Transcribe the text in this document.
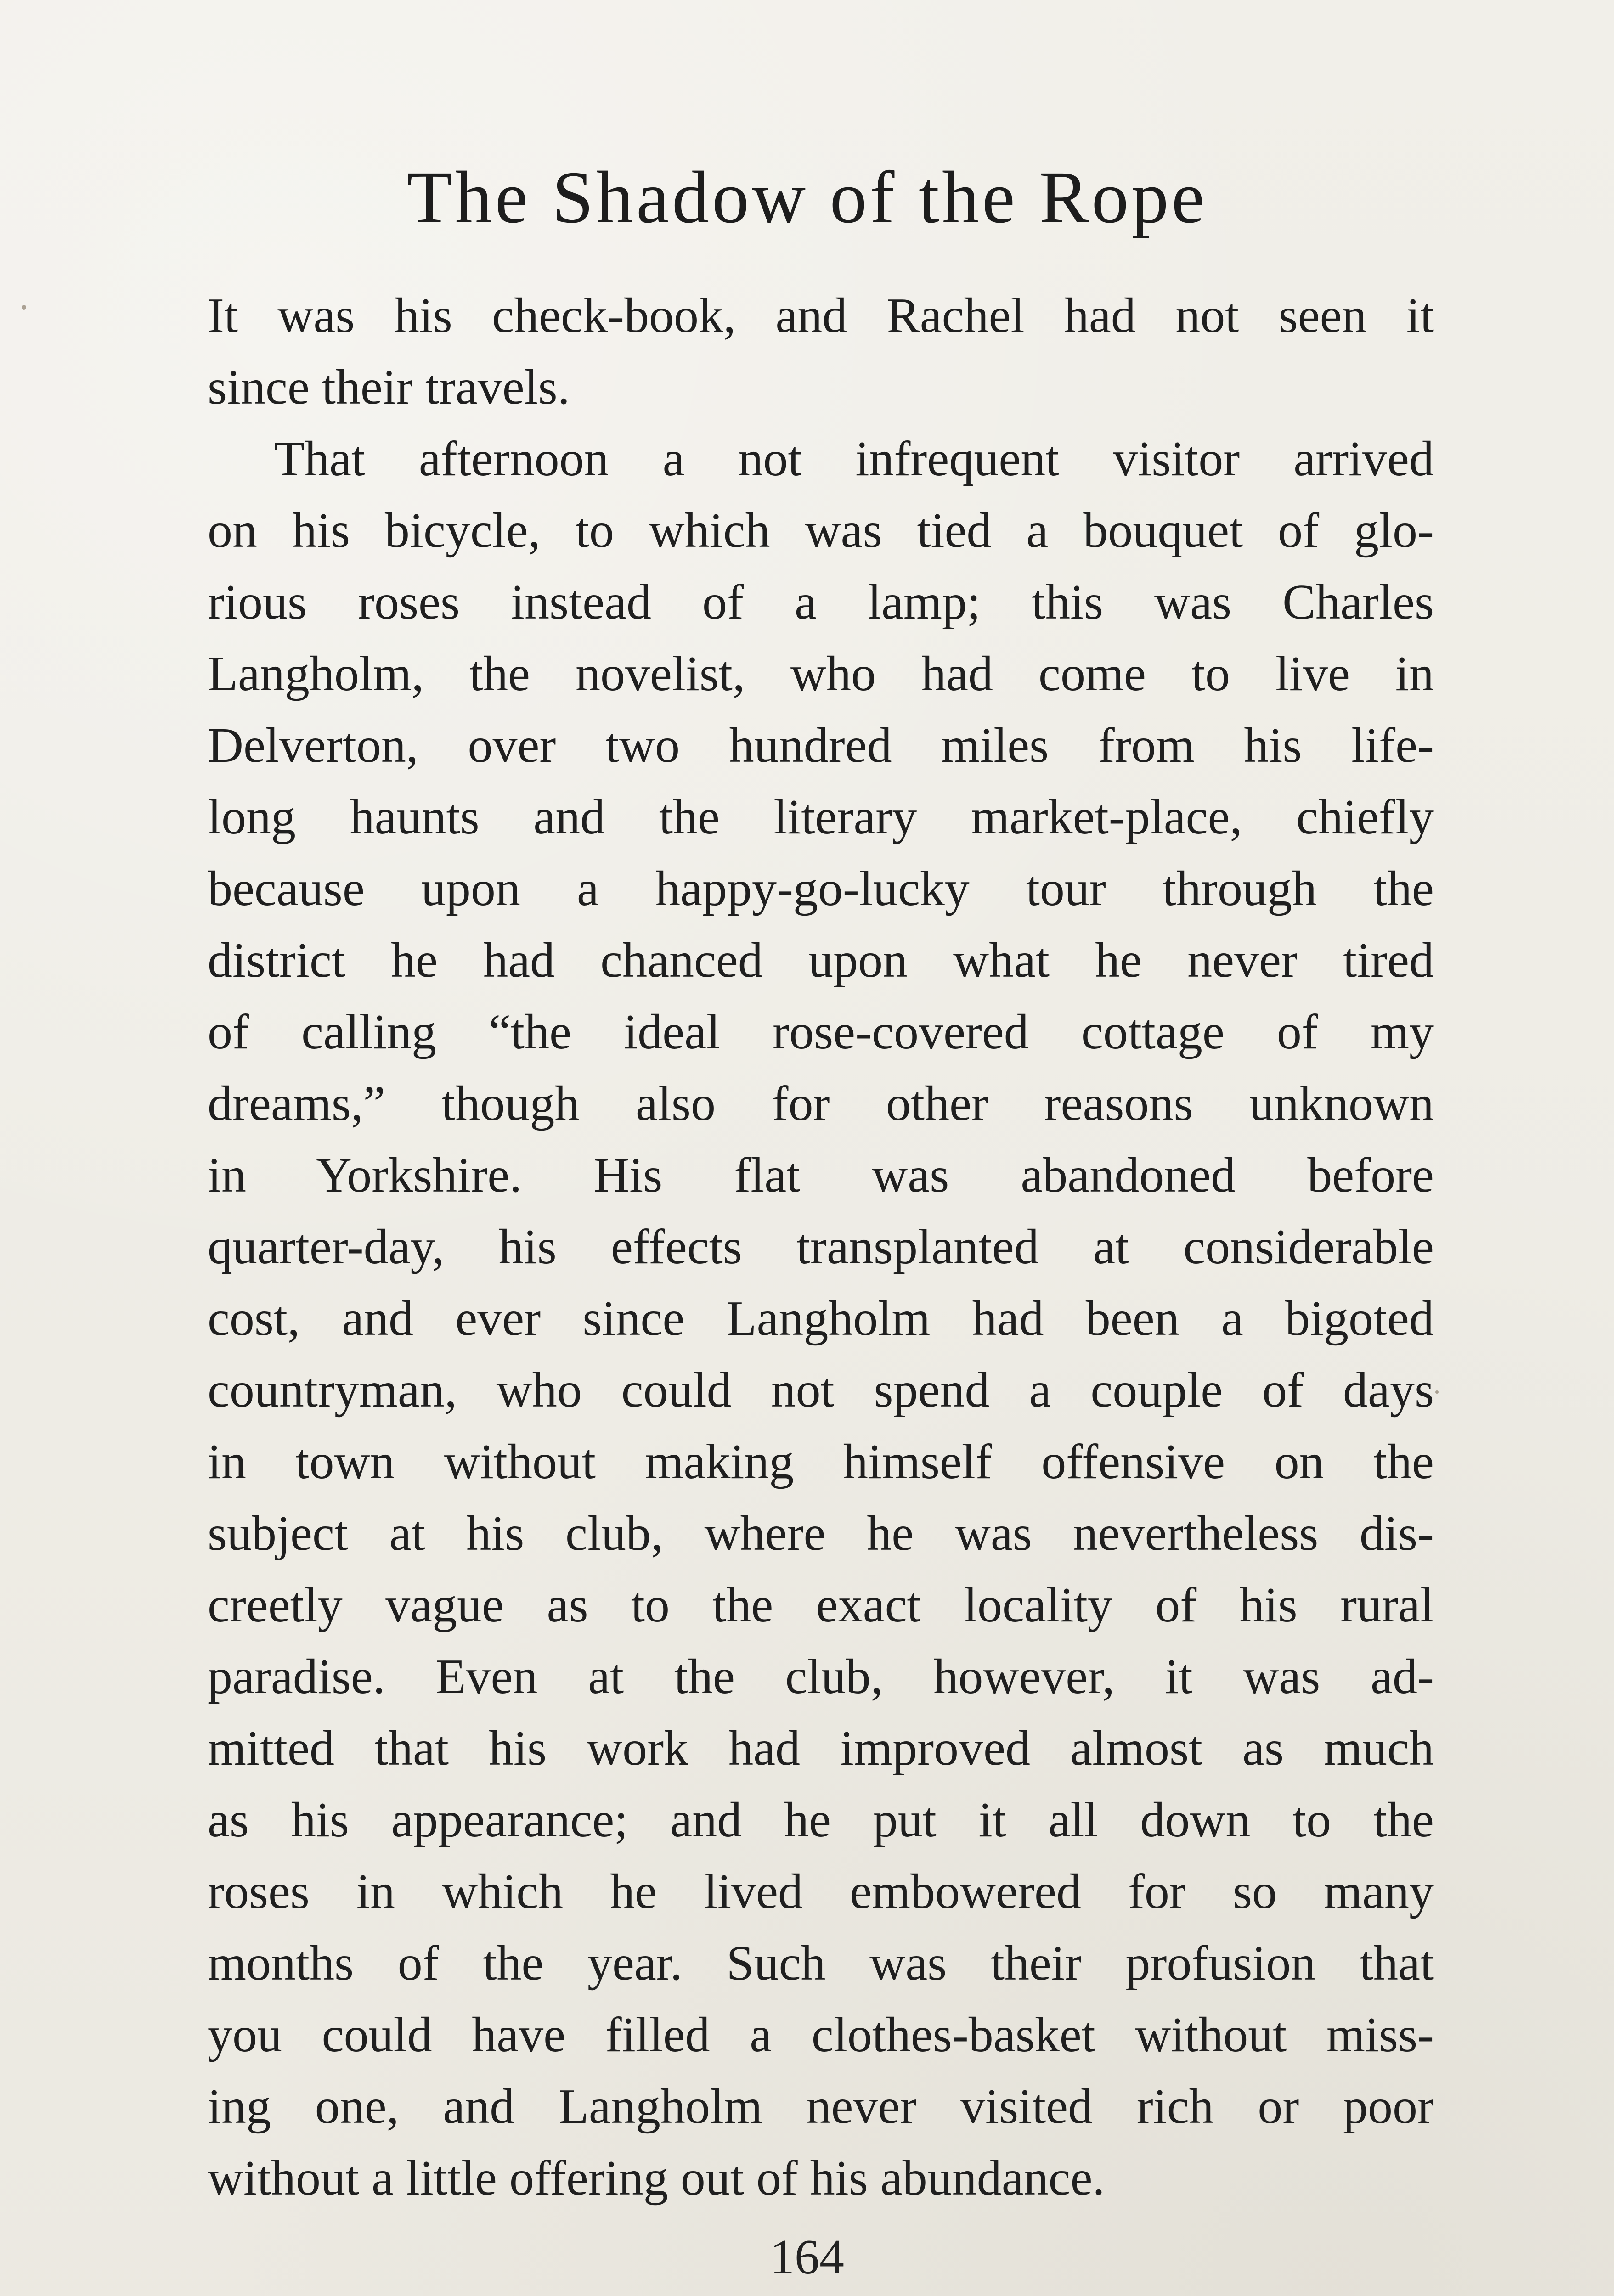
The Shadow of the Rope
It was his check-book, and Rachel had not seen it
since their travels.
That afternoon a not infrequent visitor arrived
on his bicycle, to which was tied a bouquet of glo-
rious roses instead of a lamp; this was Charles
Langholm, the novelist, who had come to live in
Delverton, over two hundred miles from his life-
long haunts and the literary market-place, chiefly
because upon a happy-go-lucky tour through the
district he had chanced upon what he never tired
of calling “the ideal rose-covered cottage of my
dreams,” though also for other reasons unknown
in Yorkshire. His flat was abandoned before
quarter-day, his effects transplanted at considerable
cost, and ever since Langholm had been a bigoted
countryman, who could not spend a couple of days
in town without making himself offensive on the
subject at his club, where he was nevertheless dis-
creetly vague as to the exact locality of his rural
paradise. Even at the club, however, it was ad-
mitted that his work had improved almost as much
as his appearance; and he put it all down to the
roses in which he lived embowered for so many
months of the year. Such was their profusion that
you could have filled a clothes-basket without miss-
ing one, and Langholm never visited rich or poor
without a little offering out of his abundance.
164
